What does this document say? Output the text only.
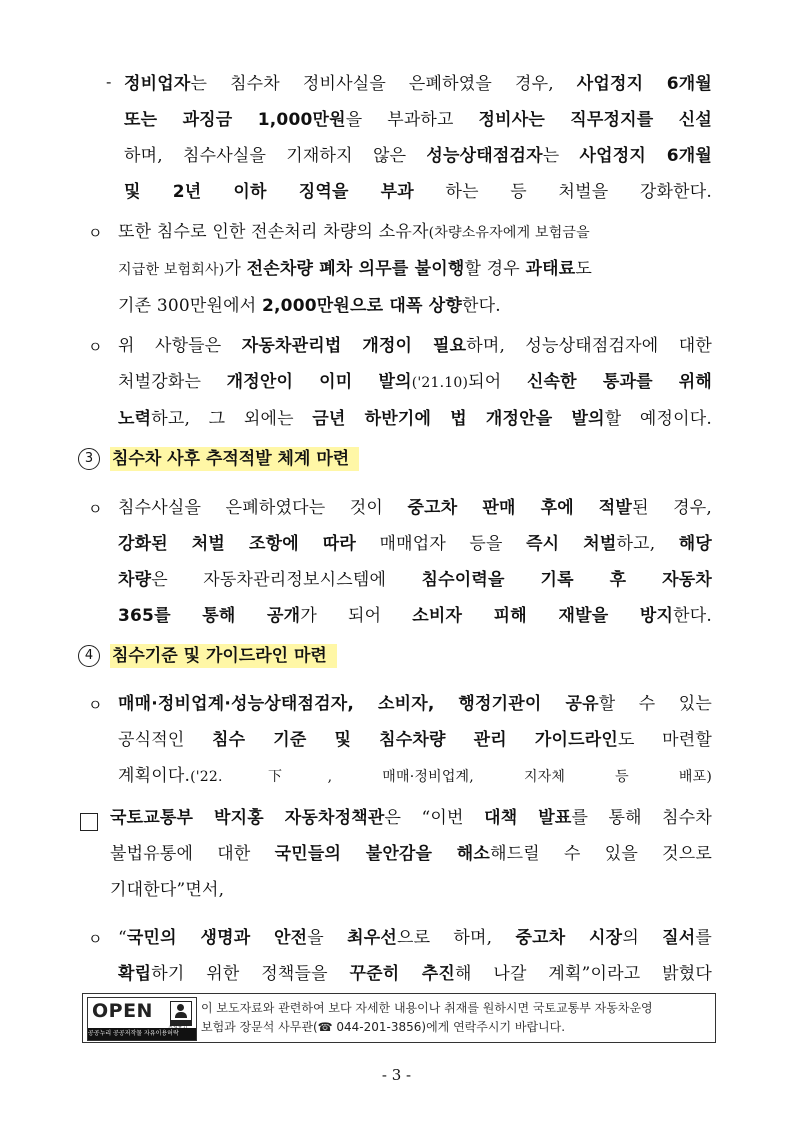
- 정비업자는 침수차 정비사실을 은폐하였을 경우, 사업정지 6개월
또는 과징금 1,000만원을 부과하고 정비사는 직무정지를 신설
하며, 침수사실을 기재하지 않은 성능상태점검자는 사업정지 6개월
및 2년 이하 징역을 부과 하는 등 처벌을 강화한다.
ㅇ 또한 침수로 인한 전손처리 차량의 소유자(차량소유자에게 보험금을
지급한 보험회사)가 전손차량 폐차 의무를 불이행할 경우 과태료도
기존 300만원에서 2,000만원으로 대폭 상향한다.
ㅇ 위 사항들은 자동차관리법 개정이 필요하며, 성능상태점검자에 대한
처벌강화는 개정안이 이미 발의('21.10)되어 신속한 통과를 위해
노력하고, 그 외에는 금년 하반기에 법 개정안을 발의할 예정이다.
3 침수차 사후 추적적발 체계 마련
ㅇ 침수사실을 은폐하였다는 것이 중고차 판매 후에 적발된 경우,
강화된 처벌 조항에 따라 매매업자 등을 즉시 처벌하고, 해당
차량은 자동차관리정보시스템에 침수이력을 기록 후 자동차
365를 통해 공개가 되어 소비자 피해 재발을 방지한다.
4 침수기준 및 가이드라인 마련
ㅇ 매매·정비업계·성능상태점검자, 소비자, 행정기관이 공유할 수 있는
공식적인 침수 기준 및 침수차량 관리 가이드라인도 마련할
계획이다.('22.下, 매매·정비업계, 지자체 등 배포)
국토교통부 박지홍 자동차정책관은 “이번 대책 발표를 통해 침수차
불법유통에 대한 국민들의 불안감을 해소해드릴 수 있을 것으로
기대한다”면서,
ㅇ “국민의 생명과 안전을 최우선으로 하며, 중고차 시장의 질서를
확립하기 위한 정책들을 꾸준히 추진해 나갈 계획”이라고 밝혔다
OPEN
공공누리 공공저작물 자유이용허락
이 보도자료와 관련하여 보다 자세한 내용이나 취재를 원하시면 국토교통부 자동차운영
보험과 장문석 사무관(☎ 044-201-3856)에게 연락주시기 바랍니다.
- 3 -
